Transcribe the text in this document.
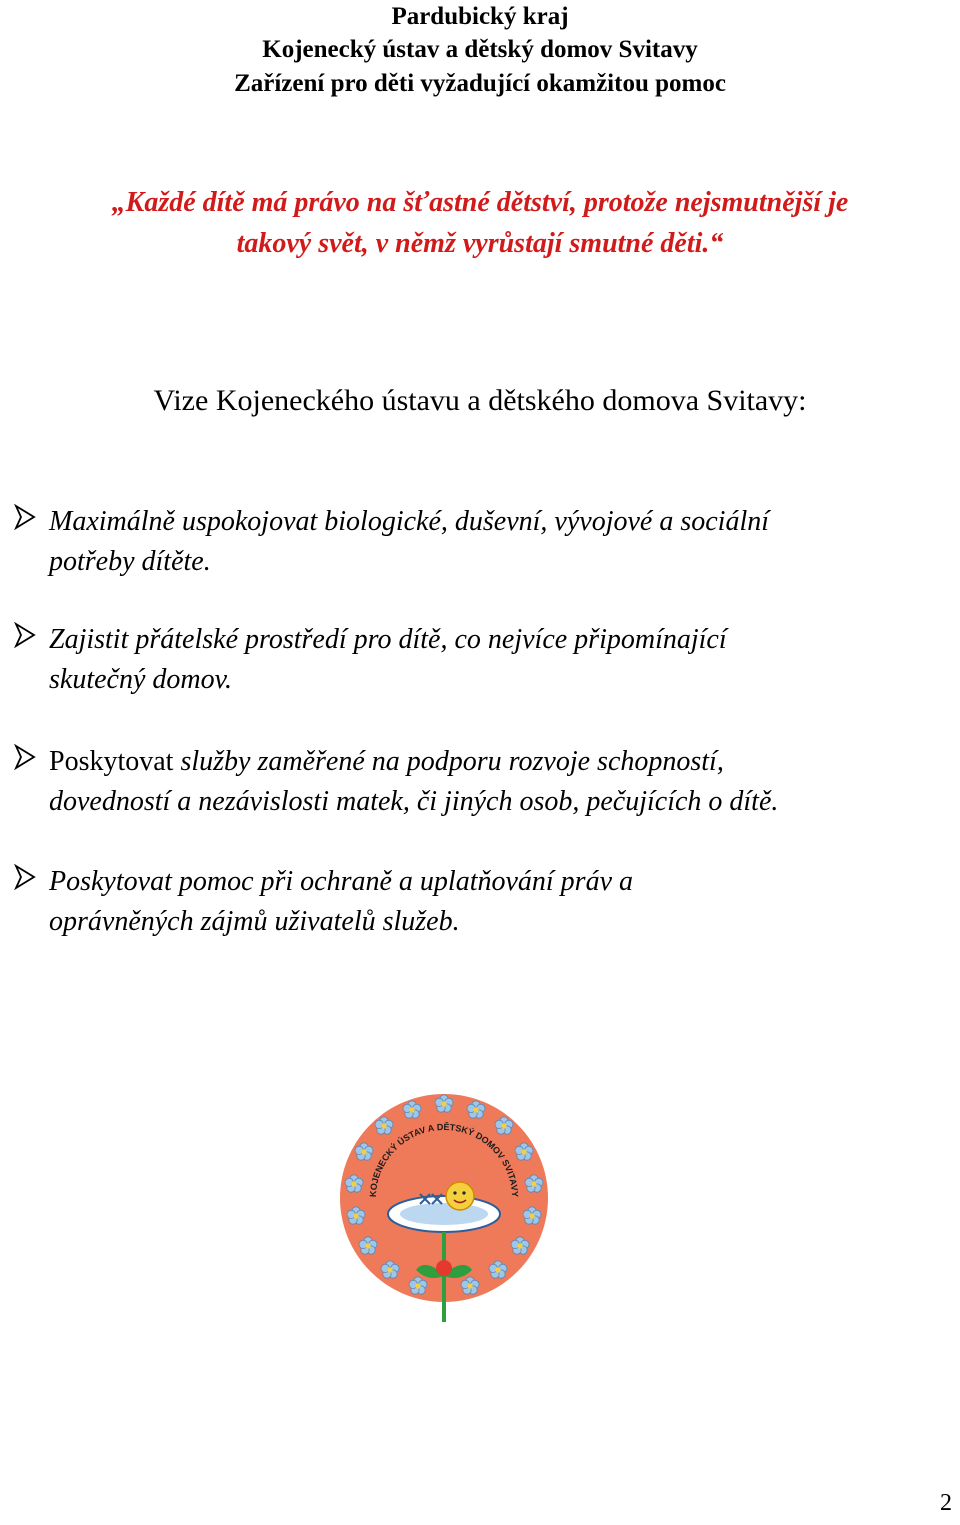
Pardubický kraj
Kojenecký ústav a dětský domov Svitavy
Zařízení pro děti vyžadující okamžitou pomoc
„Každé dítě má právo na šťastné dětství, protože nejsmutnější je
takový svět, v němž vyrůstají smutné děti.“
Vize Kojeneckého ústavu a dětského domova Svitavy:
Maximálně uspokojovat biologické, duševní, vývojové a sociální
potřeby dítěte.
Zajistit přátelské prostředí pro dítě, co nejvíce připomínající
skutečný domov.
Poskytovat služby zaměřené na podporu rozvoje schopností,
dovedností a nezávislosti matek, či jiných osob, pečujících o dítě.
Poskytovat pomoc při ochraně a uplatňování práv a
oprávněných zájmů uživatelů služeb.
KOJENECKÝ ÚSTAV A DĚTSKÝ DOMOV SVITAVY
2
